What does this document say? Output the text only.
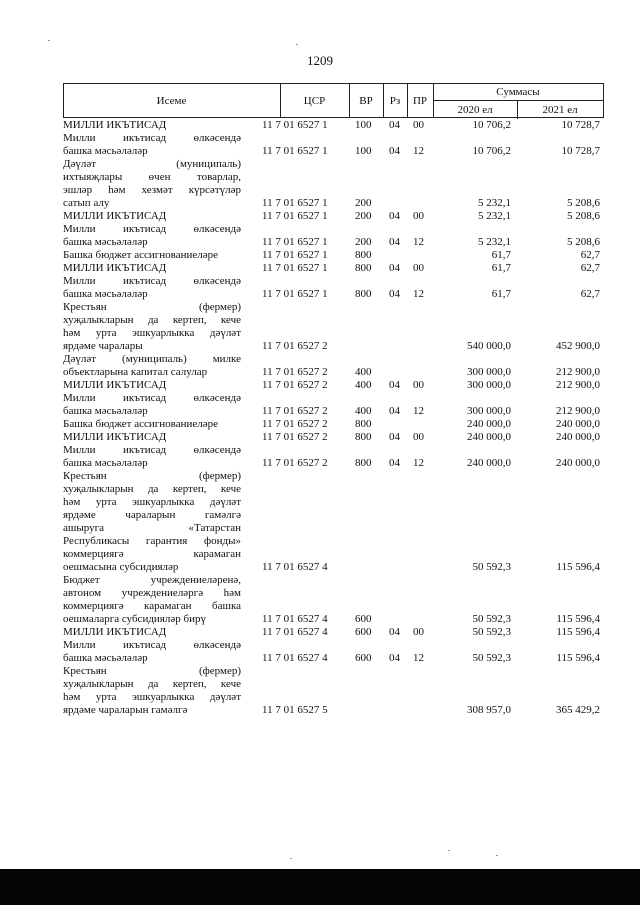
1209
Исеме	ЦСР	ВР	Рз	ПР
Суммасы
2020 ел	2021 ел
МИЛЛИ ИКЪТИСАД	11 7 01 6527 1 100 04 00	10 706,2	10 728,7
Милли икътисад өлкәсендә
башка мәсьәләләр	11 7 01 6527 1 100 04 12	10 706,2	10 728,7
Дәүләт (муниципаль)
ихтыяҗлары өчен товарлар,
эшләр һәм хезмәт күрсәтүләр
сатып алу	11 7 01 6527 1 200	5 232,1	5 208,6
МИЛЛИ ИКЪТИСАД	11 7 01 6527 1 200 04 00	5 232,1	5 208,6
Милли икътисад өлкәсендә
башка мәсьәләләр	11 7 01 6527 1 200 04 12	5 232,1	5 208,6
Башка бюджет ассигнованиеләре	11 7 01 6527 1 800	61,7	62,7
МИЛЛИ ИКЪТИСАД	11 7 01 6527 1 800 04 00	61,7	62,7
Милли икътисад өлкәсендә
башка мәсьәләләр	11 7 01 6527 1 800 04 12	61,7	62,7
Крестьян (фермер)
хуҗалыкларын да кертеп, кече
һәм урта эшкуарлыкка дәүләт
ярдәме чаралары	11 7 01 6527 2	540 000,0	452 900,0
Дәүләт (муниципаль) милке
объектларына капитал салулар	11 7 01 6527 2 400	300 000,0	212 900,0
МИЛЛИ ИКЪТИСАД	11 7 01 6527 2 400 04 00	300 000,0	212 900,0
Милли икътисад өлкәсендә
башка мәсьәләләр	11 7 01 6527 2 400 04 12	300 000,0	212 900,0
Башка бюджет ассигнованиеләре	11 7 01 6527 2 800	240 000,0	240 000,0
МИЛЛИ ИКЪТИСАД	11 7 01 6527 2 800 04 00	240 000,0	240 000,0
Милли икътисад өлкәсендә
башка мәсьәләләр	11 7 01 6527 2 800 04 12	240 000,0	240 000,0
Крестьян (фермер)
хуҗалыкларын да кертеп, кече
һәм урта эшкуарлыкка дәүләт
ярдәме чараларын гамәлгә
ашыруга «Татарстан
Республикасы гарантия фонды»
коммерциягә карамаган
оешмасына субсидияләр	11 7 01 6527 4	50 592,3	115 596,4
Бюджет учреждениеләренә,
автоном учреждениеләргә һәм
коммерциягә карамаган башка
оешмаларга субсидияләр бирү	11 7 01 6527 4 600	50 592,3	115 596,4
МИЛЛИ ИКЪТИСАД	11 7 01 6527 4 600 04 00	50 592,3	115 596,4
Милли икътисад өлкәсендә
башка мәсьәләләр	11 7 01 6527 4 600 04 12	50 592,3	115 596,4
Крестьян (фермер)
хуҗалыкларын да кертеп, кече
һәм урта эшкуарлыкка дәүләт
ярдәме чараларын гамәлгә	11 7 01 6527 5	308 957,0	365 429,2
